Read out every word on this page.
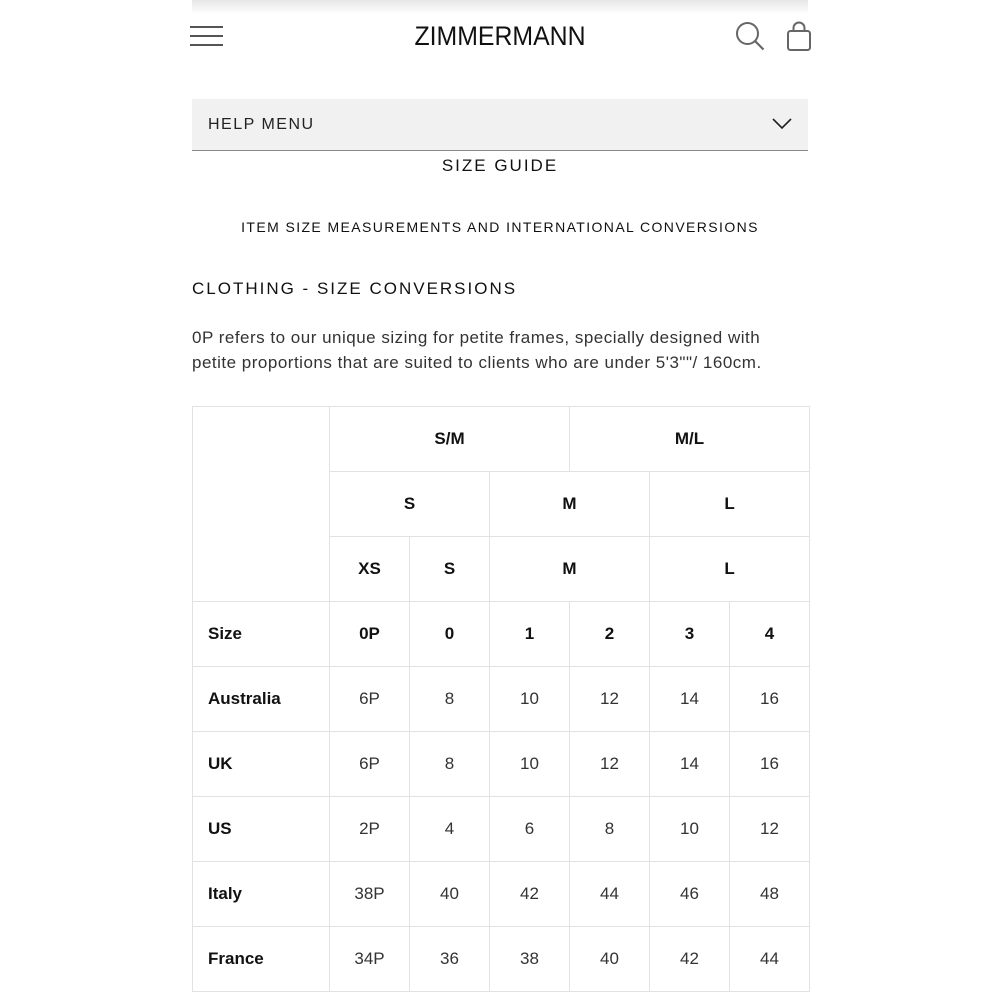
ZIMMERMANN
HELP MENU
SIZE GUIDE
ITEM SIZE MEASUREMENTS AND INTERNATIONAL CONVERSIONS
CLOTHING - SIZE CONVERSIONS
0P refers to our unique sizing for petite frames, specially designed with petite proportions that are suited to clients who are under 5'3""/ 160cm.
	S/M			M/L		
	S		M		L	
	XS	S	M		L	
Size	0P	0	1	2	3	4
Australia	6P	8	10	12	14	16
UK	6P	8	10	12	14	16
US	2P	4	6	8	10	12
Italy	38P	40	42	44	46	48
France	34P	36	38	40	42	44
